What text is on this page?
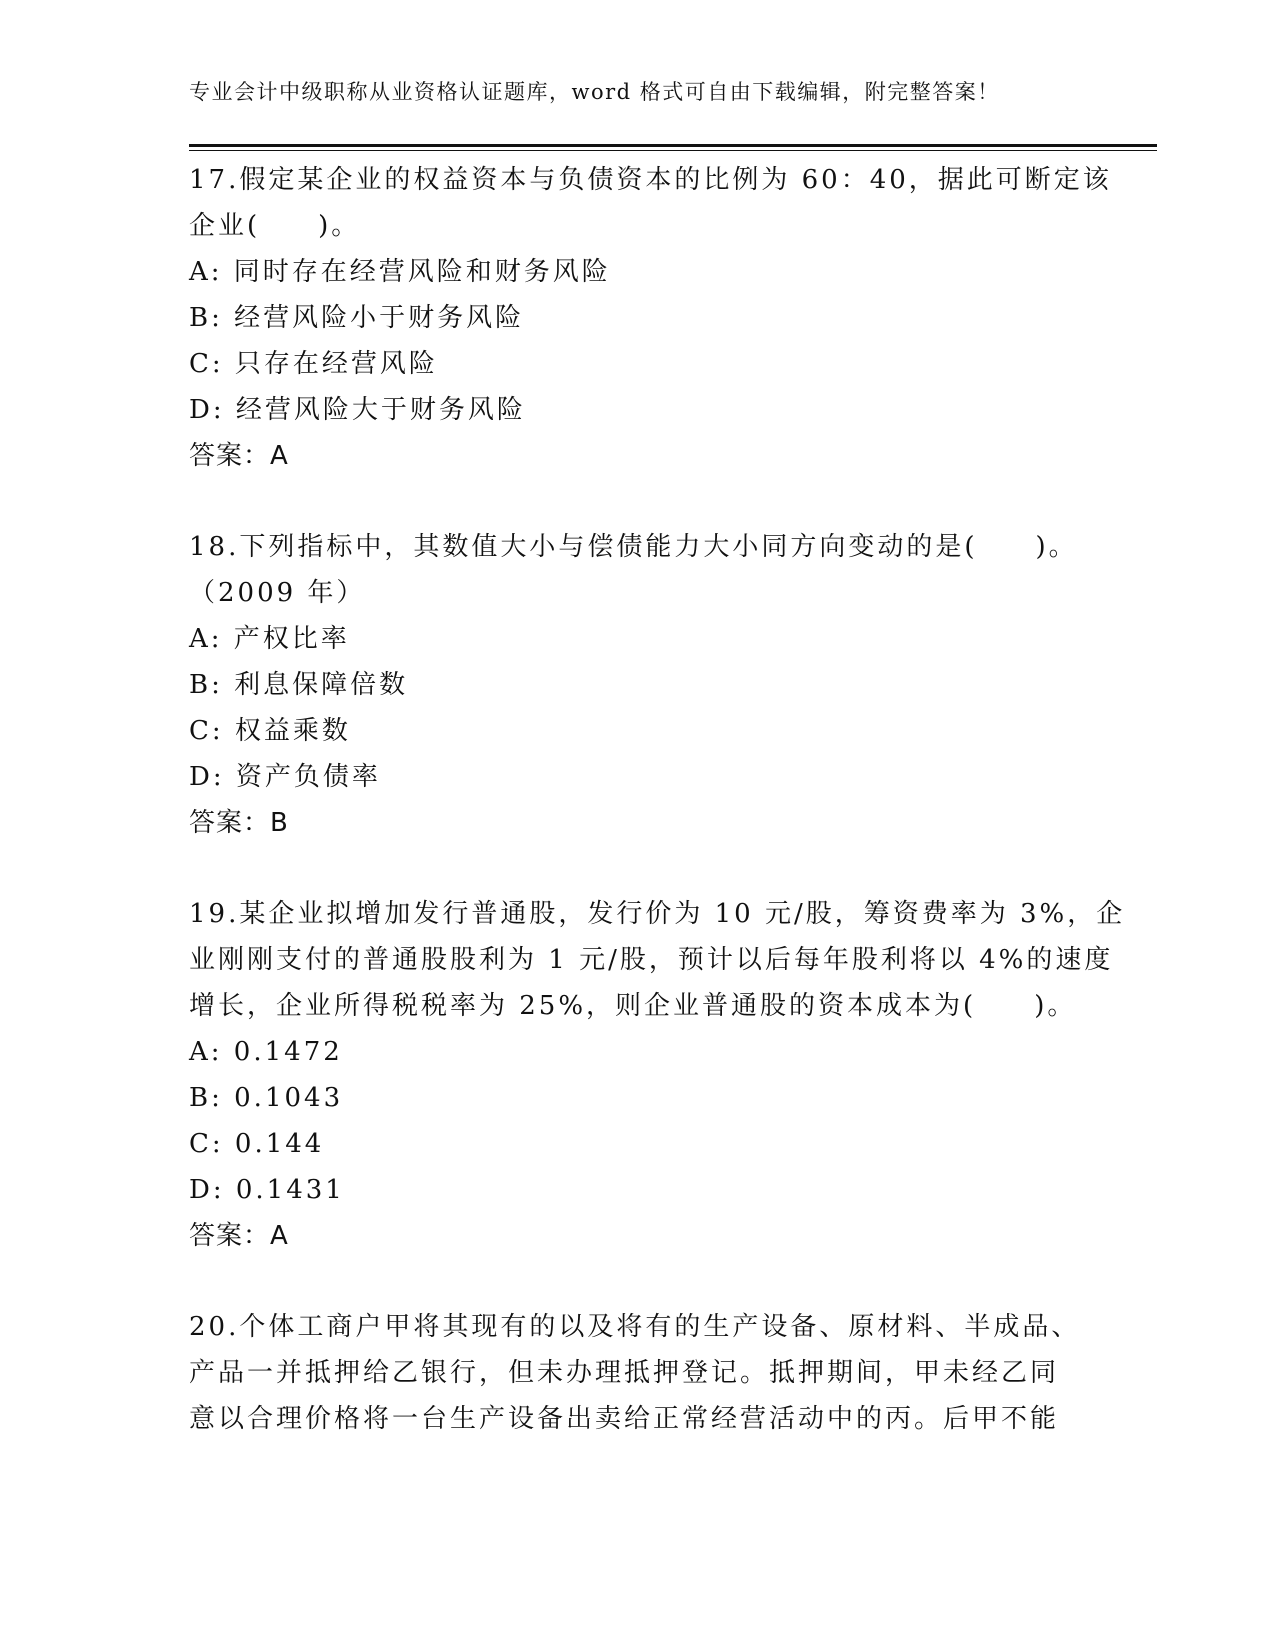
专业会计中级职称从业资格认证题库，word 格式可自由下载编辑，附完整答案！
17.假定某企业的权益资本与负债资本的比例为 60：40，据此可断定该
企业(　　)。
A: 同时存在经营风险和财务风险
B: 经营风险小于财务风险
C: 只存在经营风险
D: 经营风险大于财务风险
答案：A
18.下列指标中，其数值大小与偿债能力大小同方向变动的是(　　)。
（2009 年）
A: 产权比率
B: 利息保障倍数
C: 权益乘数
D: 资产负债率
答案：B
19.某企业拟增加发行普通股，发行价为 10 元/股，筹资费率为 3%，企
业刚刚支付的普通股股利为 1 元/股，预计以后每年股利将以 4%的速度
增长，企业所得税税率为 25%，则企业普通股的资本成本为(　　)。
A: 0.1472
B: 0.1043
C: 0.144
D: 0.1431
答案：A
20.个体工商户甲将其现有的以及将有的生产设备、原材料、半成品、
产品一并抵押给乙银行，但未办理抵押登记。抵押期间，甲未经乙同
意以合理价格将一台生产设备出卖给正常经营活动中的丙。后甲不能
